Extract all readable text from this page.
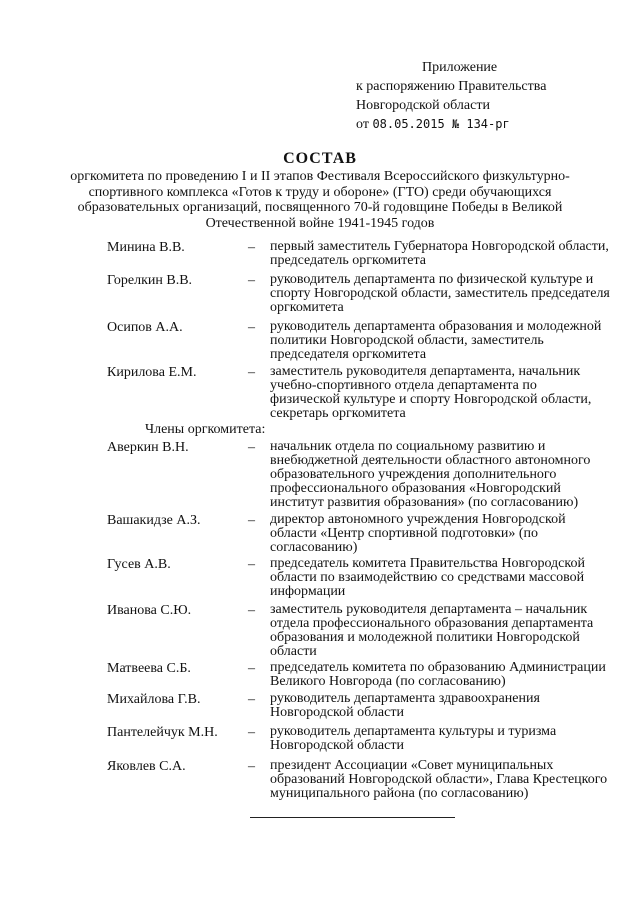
Приложение
к распоряжению Правительства
Новгородской области
от 08.05.2015 № 134-рг
СОСТАВ
оргкомитета по проведению I и II этапов Фестиваля Всероссийского физкультурно-спортивного комплекса «Готов к труду и обороне» (ГТО) среди обучающихся образовательных организаций, посвященного 70-й годовщине Победы в Великой Отечественной войне 1941-1945 годов
Минина В.В.	– первый заместитель Губернатора Новгородской области, председатель оргкомитета
Горелкин В.В.	– руководитель департамента по физической культуре и спорту Новгородской области, заместитель председателя оргкомитета
Осипов А.А.	– руководитель департамента образования и молодежной политики Новгородской области, заместитель председателя оргкомитета
Кирилова Е.М.	– заместитель руководителя департамента, начальник учебно-спортивного отдела департамента по физической культуре и спорту Новгородской области, секретарь оргкомитета
Члены оргкомитета:
Аверкин В.Н.	– начальник отдела по социальному развитию и внебюджетной деятельности областного автономного образовательного учреждения дополнительного профессионального образования «Новгородский институт развития образования» (по согласованию)
Вашакидзе А.З.	– директор автономного учреждения Новгородской области «Центр спортивной подготовки» (по согласованию)
Гусев А.В.	– председатель комитета Правительства Новгородской области по взаимодействию со средствами массовой информации
Иванова С.Ю.	– заместитель руководителя департамента – начальник отдела профессионального образования департамента образования и молодежной политики Новгородской области
Матвеева С.Б.	– председатель комитета по образованию Администрации Великого Новгорода (по согласованию)
Михайлова Г.В.	– руководитель департамента здравоохранения Новгородской области
Пантелейчук М.Н. – руководитель департамента культуры и туризма Новгородской области
Яковлев С.А.	– президент Ассоциации «Совет муниципальных образований Новгородской области», Глава Крестецкого муниципального района (по согласованию)
